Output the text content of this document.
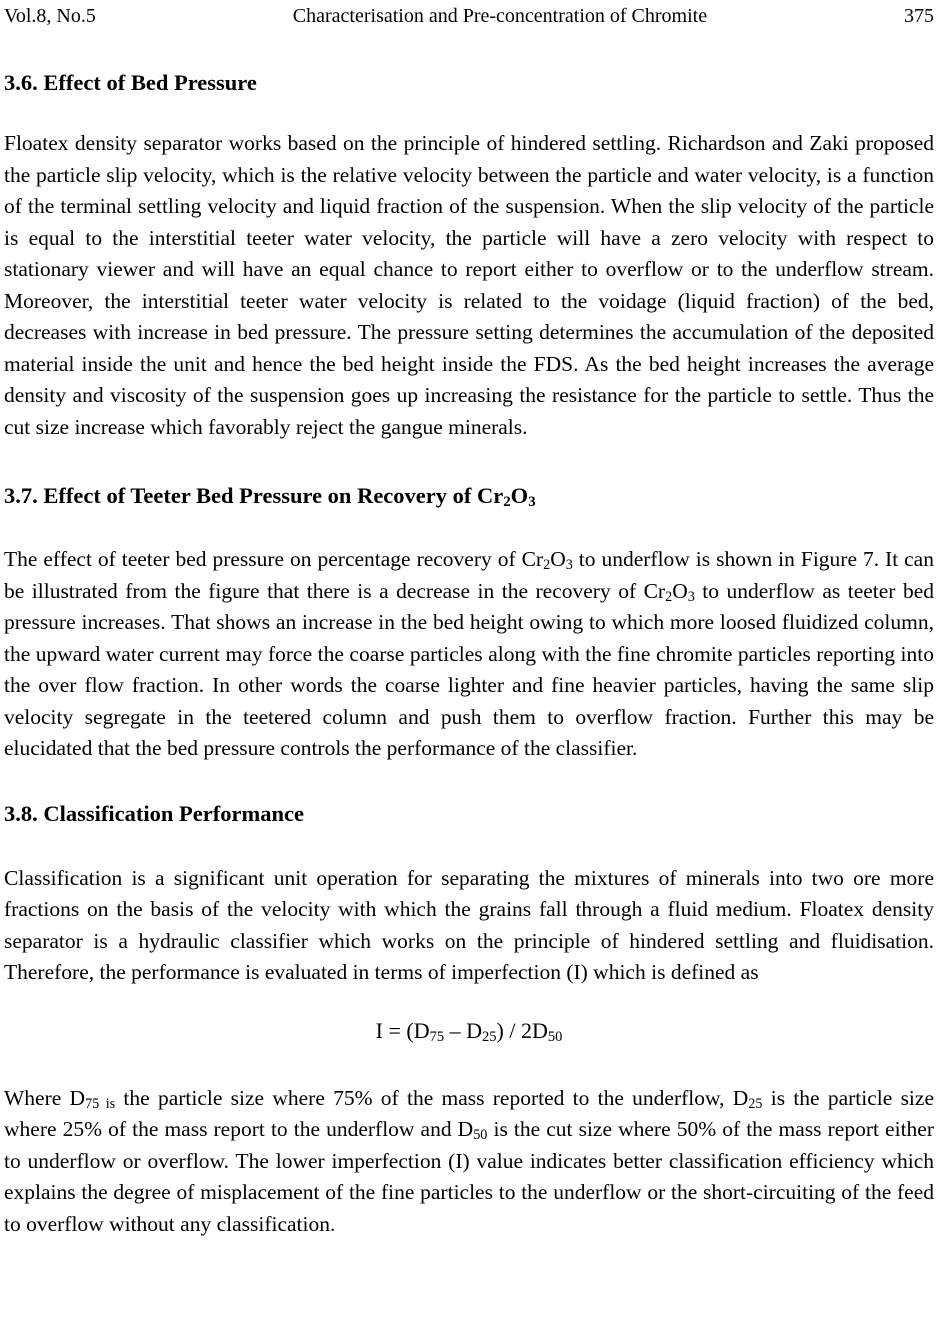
Vol.8, No.5	Characterisation and Pre-concentration of Chromite	375
3.6. Effect of Bed Pressure

Floatex density separator works based on the principle of hindered settling. Richardson and Zaki proposed the particle slip velocity, which is the relative velocity between the particle and water velocity, is a function of the terminal settling velocity and liquid fraction of the suspension. When the slip velocity of the particle is equal to the interstitial teeter water velocity, the particle will have a zero velocity with respect to stationary viewer and will have an equal chance to report either to overflow or to the underflow stream. Moreover, the interstitial teeter water velocity is related to the voidage (liquid fraction) of the bed, decreases with increase in bed pressure. The pressure setting determines the accumulation of the deposited material inside the unit and hence the bed height inside the FDS. As the bed height increases the average density and viscosity of the suspension goes up increasing the resistance for the particle to settle. Thus the cut size increase which favorably reject the gangue minerals.

3.7. Effect of Teeter Bed Pressure on Recovery of $Cr_2O_3$

The effect of teeter bed pressure on percentage recovery of $Cr_2O_3$ to underflow is shown in Figure 7. It can be illustrated from the figure that there is a decrease in the recovery of $Cr_2O_3$ to underflow as teeter bed pressure increases. That shows an increase in the bed height owing to which more loosed fluidized column, the upward water current may force the coarse particles along with the fine chromite particles reporting into the over flow fraction. In other words the coarse lighter and fine heavier particles, having the same slip velocity segregate in the teetered column and push them to overflow fraction. Further this may be elucidated that the bed pressure controls the performance of the classifier.

3.8. Classification Performance

Classification is a significant unit operation for separating the mixtures of minerals into two ore more fractions on the basis of the velocity with which the grains fall through a fluid medium. Floatex density separator is a hydraulic classifier which works on the principle of hindered settling and fluidisation. Therefore, the performance is evaluated in terms of imperfection (I) which is defined as

$I = (D_{75} - D_{25}) / 2D_{50}$

Where $D_{75 is}$ the particle size where 75% of the mass reported to the underflow, $D_{25}$ is the particle size where 25% of the mass report to the underflow and $D_{50}$ is the cut size where 50% of the mass report either to underflow or overflow. The lower imperfection (I) value indicates better classification efficiency which explains the degree of misplacement of the fine particles to the underflow or the short-circuiting of the feed to overflow without any classification.
